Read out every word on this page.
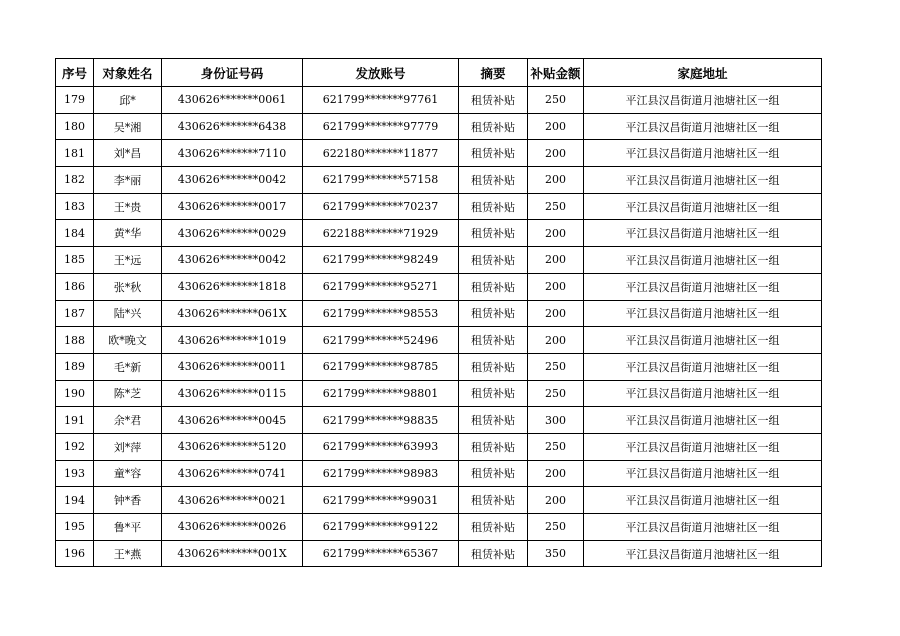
序号	对象姓名	身份证号码	发放账号	摘要	补贴金额	家庭地址
179	邱*	430626*******0061	621799*******97761	租赁补贴	250	平江县汉昌街道月池塘社区一组
180	吴*湘	430626*******6438	621799*******97779	租赁补贴	200	平江县汉昌街道月池塘社区一组
181	刘*昌	430626*******7110	622180*******11877	租赁补贴	200	平江县汉昌街道月池塘社区一组
182	李*丽	430626*******0042	621799*******57158	租赁补贴	200	平江县汉昌街道月池塘社区一组
183	王*贵	430626*******0017	621799*******70237	租赁补贴	250	平江县汉昌街道月池塘社区一组
184	黄*华	430626*******0029	622188*******71929	租赁补贴	200	平江县汉昌街道月池塘社区一组
185	王*远	430626*******0042	621799*******98249	租赁补贴	200	平江县汉昌街道月池塘社区一组
186	张*秋	430626*******1818	621799*******95271	租赁补贴	200	平江县汉昌街道月池塘社区一组
187	陆*兴	430626*******061X	621799*******98553	租赁补贴	200	平江县汉昌街道月池塘社区一组
188	欧*晚文	430626*******1019	621799*******52496	租赁补贴	200	平江县汉昌街道月池塘社区一组
189	毛*新	430626*******0011	621799*******98785	租赁补贴	250	平江县汉昌街道月池塘社区一组
190	陈*芝	430626*******0115	621799*******98801	租赁补贴	250	平江县汉昌街道月池塘社区一组
191	余*君	430626*******0045	621799*******98835	租赁补贴	300	平江县汉昌街道月池塘社区一组
192	刘*萍	430626*******5120	621799*******63993	租赁补贴	250	平江县汉昌街道月池塘社区一组
193	童*容	430626*******0741	621799*******98983	租赁补贴	200	平江县汉昌街道月池塘社区一组
194	钟*香	430626*******0021	621799*******99031	租赁补贴	200	平江县汉昌街道月池塘社区一组
195	鲁*平	430626*******0026	621799*******99122	租赁补贴	250	平江县汉昌街道月池塘社区一组
196	王*燕	430626*******001X	621799*******65367	租赁补贴	350	平江县汉昌街道月池塘社区一组
